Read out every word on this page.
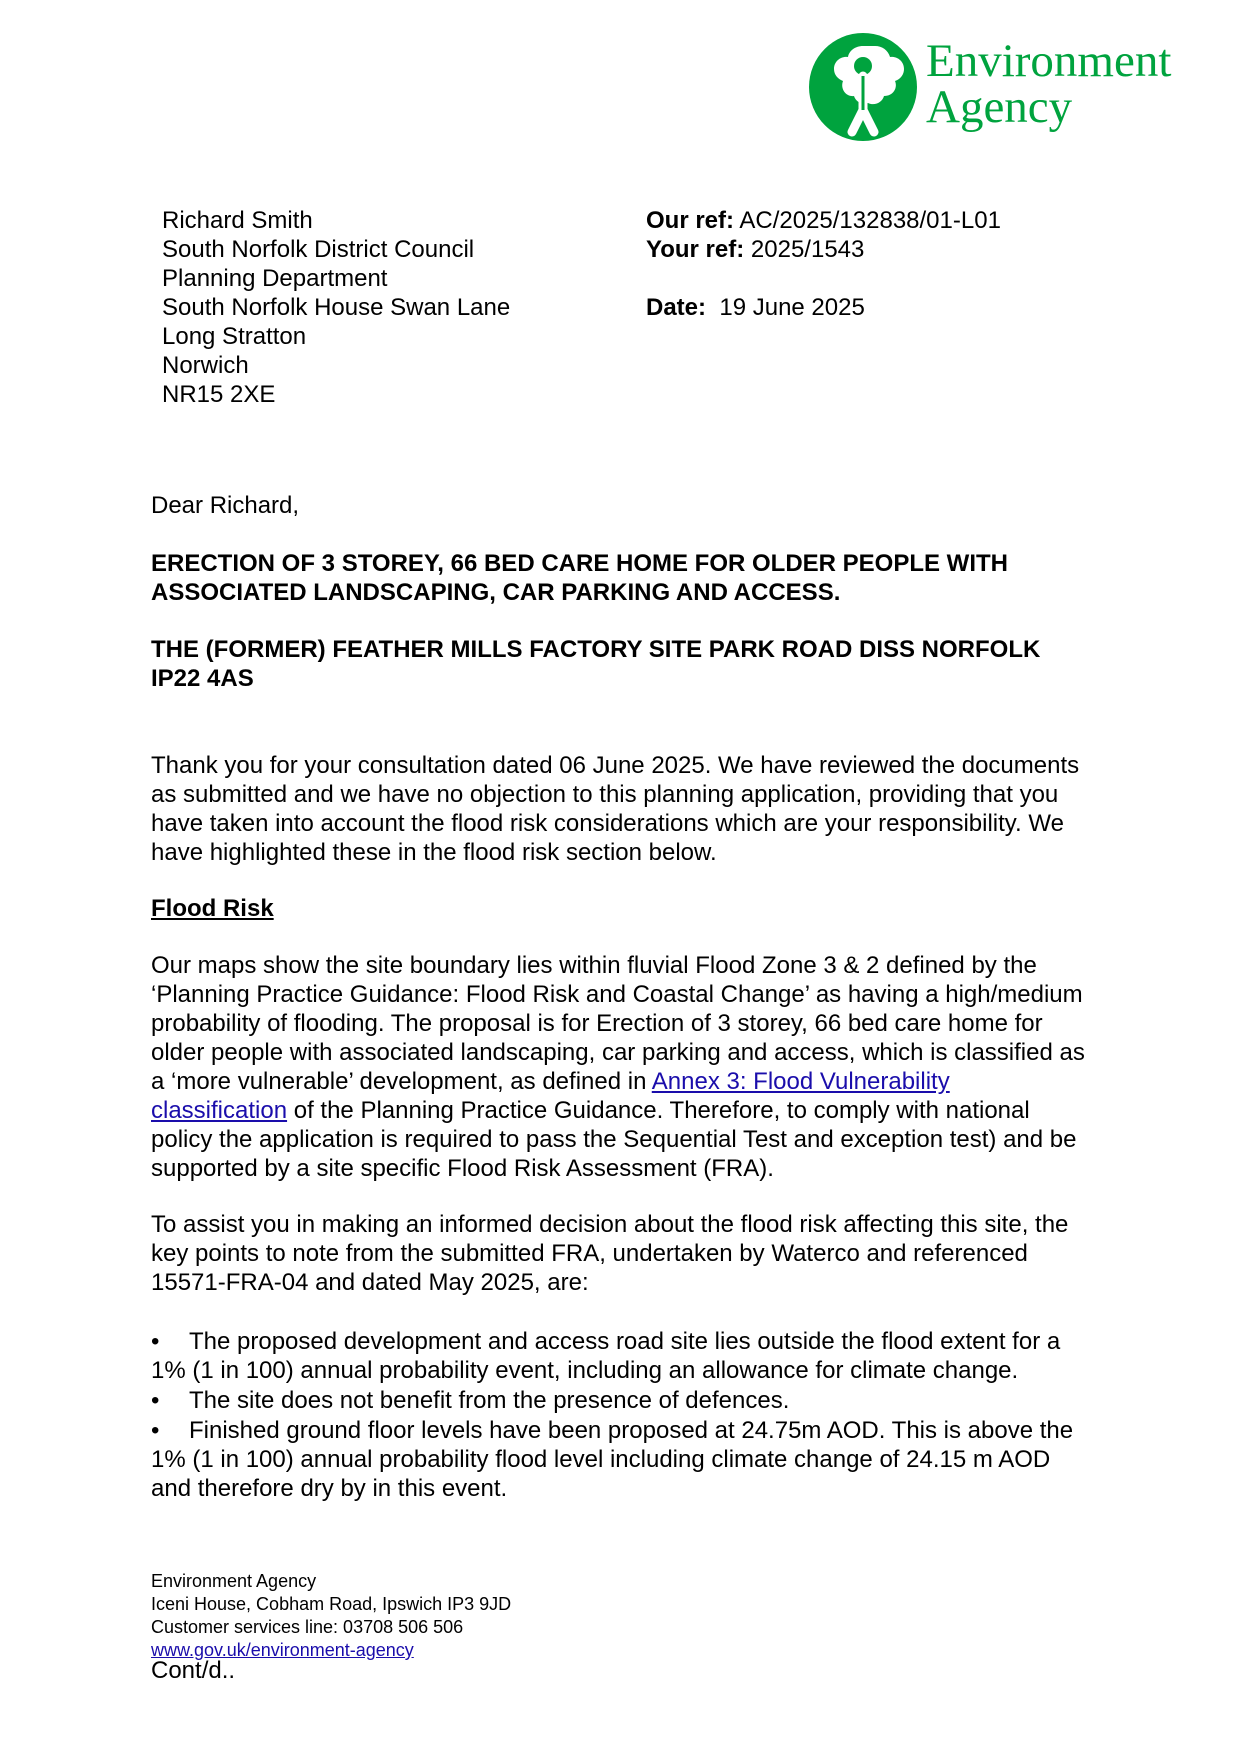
Environment
Agency
Richard Smith
South Norfolk District Council
Planning Department
South Norfolk House Swan Lane
Long Stratton
Norwich
NR15 2XE
Our ref: AC/2025/132838/01-L01
Your ref: 2025/1543
Date: 19 June 2025
Dear Richard,
ERECTION OF 3 STOREY, 66 BED CARE HOME FOR OLDER PEOPLE WITH ASSOCIATED LANDSCAPING, CAR PARKING AND ACCESS.
THE (FORMER) FEATHER MILLS FACTORY SITE PARK ROAD DISS NORFOLK IP22 4AS
Thank you for your consultation dated 06 June 2025. We have reviewed the documents as submitted and we have no objection to this planning application, providing that you have taken into account the flood risk considerations which are your responsibility. We have highlighted these in the flood risk section below.
Flood Risk
Our maps show the site boundary lies within fluvial Flood Zone 3 & 2 defined by the ‘Planning Practice Guidance: Flood Risk and Coastal Change’ as having a high/medium probability of flooding. The proposal is for Erection of 3 storey, 66 bed care home for older people with associated landscaping, car parking and access, which is classified as a ‘more vulnerable’ development, as defined in Annex 3: Flood Vulnerability classification of the Planning Practice Guidance. Therefore, to comply with national policy the application is required to pass the Sequential Test and exception test) and be supported by a site specific Flood Risk Assessment (FRA).
To assist you in making an informed decision about the flood risk affecting this site, the key points to note from the submitted FRA, undertaken by Waterco and referenced 15571-FRA-04 and dated May 2025, are:
• The proposed development and access road site lies outside the flood extent for a 1% (1 in 100) annual probability event, including an allowance for climate change.
• The site does not benefit from the presence of defences.
• Finished ground floor levels have been proposed at 24.75m AOD. This is above the 1% (1 in 100) annual probability flood level including climate change of 24.15 m AOD and therefore dry by in this event.
Environment Agency
Iceni House, Cobham Road, Ipswich IP3 9JD
Customer services line: 03708 506 506
www.gov.uk/environment-agency
Cont/d..
